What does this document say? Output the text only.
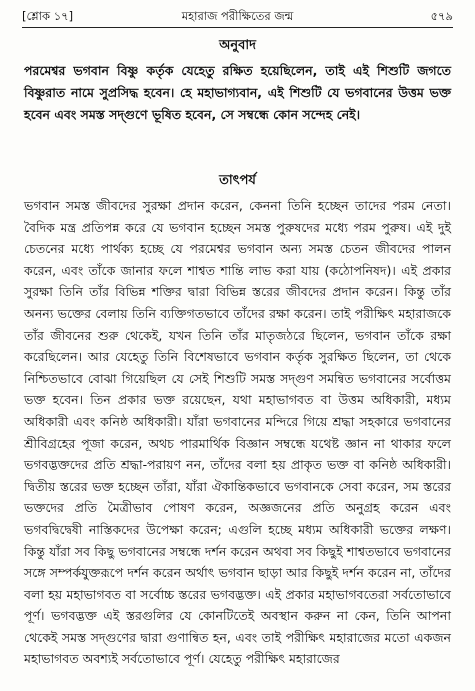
[শ্লোক ১৭]	মহারাজ পরীক্ষিতের জন্ম	৫৭৯
অনুবাদ
পরমেশ্বর ভগবান বিষ্ণু কর্তৃক যেহেতু রক্ষিত হয়েছিলেন, তাই এই শিশুটি জগতে বিষ্ণুরাত নামে সুপ্রসিদ্ধ হবেন। হে মহাভাগ্যবান, এই শিশুটি যে ভগবানের উত্তম ভক্ত হবেন এবং সমস্ত সদ্গুণে ভূষিত হবেন, সে সম্বন্ধে কোন সন্দেহ নেই।
তাৎপর্য

ভগবান সমস্ত জীবদের সুরক্ষা প্রদান করেন, কেননা তিনি হচ্ছেন তাদের পরম নেতা। বৈদিক মন্ত্র প্রতিপন্ন করে যে ভগবান হচ্ছেন সমস্ত পুরুষদের মধ্যে পরম পুরুষ। এই দুই চেতনের মধ্যে পার্থক্য হচ্ছে যে পরমেশ্বর ভগবান অন্য সমস্ত চেতন জীবদের পালন করেন, এবং তাঁকে জানার ফলে শাশ্বত শান্তি লাভ করা যায় (কঠোপনিষদ)। এই প্রকার সুরক্ষা তিনি তাঁর বিভিন্ন শক্তির দ্বারা বিভিন্ন স্তরের জীবদের প্রদান করেন। কিন্তু তাঁর অনন্য ভক্তের বেলায় তিনি ব্যক্তিগতভাবে তাঁদের রক্ষা করেন। তাই পরীক্ষিৎ মহারাজকে তাঁর জীবনের শুরু থেকেই, যখন তিনি তাঁর মাতৃজঠরে ছিলেন, ভগবান তাঁকে রক্ষা করেছিলেন। আর যেহেতু তিনি বিশেষভাবে ভগবান কর্তৃক সুরক্ষিত ছিলেন, তা থেকে নিশ্চিতভাবে বোঝা গিয়েছিল যে সেই শিশুটি সমস্ত সদ্গুণ সমন্বিত ভগবানের সর্বোত্তম ভক্ত হবেন। তিন প্রকার ভক্ত রয়েছেন, যথা মহাভাগবত বা উত্তম অধিকারী, মধ্যম অধিকারী এবং কনিষ্ঠ অধিকারী। যাঁরা ভগবানের মন্দিরে গিয়ে শ্রদ্ধা সহকারে ভগবানের শ্রীবিগ্রহের পূজা করেন, অথচ পারমার্থিক বিজ্ঞান সম্বন্ধে যথেষ্ট জ্ঞান না থাকার ফলে ভগবদ্ভক্তদের প্রতি শ্রদ্ধা-পরায়ণ নন, তাঁদের বলা হয় প্রাকৃত ভক্ত বা কনিষ্ঠ অধিকারী। দ্বিতীয় স্তরের ভক্ত হচ্ছেন তাঁরা, যাঁরা ঐকান্তিকভাবে ভগবানকে সেবা করেন, সম স্তরের ভক্তদের প্রতি মৈত্রীভাব পোষণ করেন, অজ্ঞজনের প্রতি অনুগ্রহ করেন এবং ভগবদ্বিদ্বেষী নাস্তিকদের উপেক্ষা করেন; এগুলি হচ্ছে মধ্যম অধিকারী ভক্তের লক্ষণ। কিন্তু যাঁরা সব কিছু ভগবানের সম্বন্ধে দর্শন করেন অথবা সব কিছুই শাশ্বতভাবে ভগবানের সঙ্গে সম্পর্কযুক্তরূপে দর্শন করেন অর্থাৎ ভগবান ছাড়া আর কিছুই দর্শন করেন না, তাঁদের বলা হয় মহাভাগবত বা সর্বোচ্চ স্তরের ভগবদ্ভক্ত। এই প্রকার মহাভাগবতেরা সর্বতোভাবে পূর্ণ। ভগবদ্ভক্ত এই স্তরগুলির যে কোনটিতেই অবস্থান করুন না কেন, তিনি আপনা থেকেই সমস্ত সদ্গুণের দ্বারা গুণান্বিত হন, এবং তাই পরীক্ষিৎ মহারাজের মতো একজন মহাভাগবত অবশ্যই সর্বতোভাবে পূর্ণ। যেহেতু পরীক্ষিৎ মহারাজের
